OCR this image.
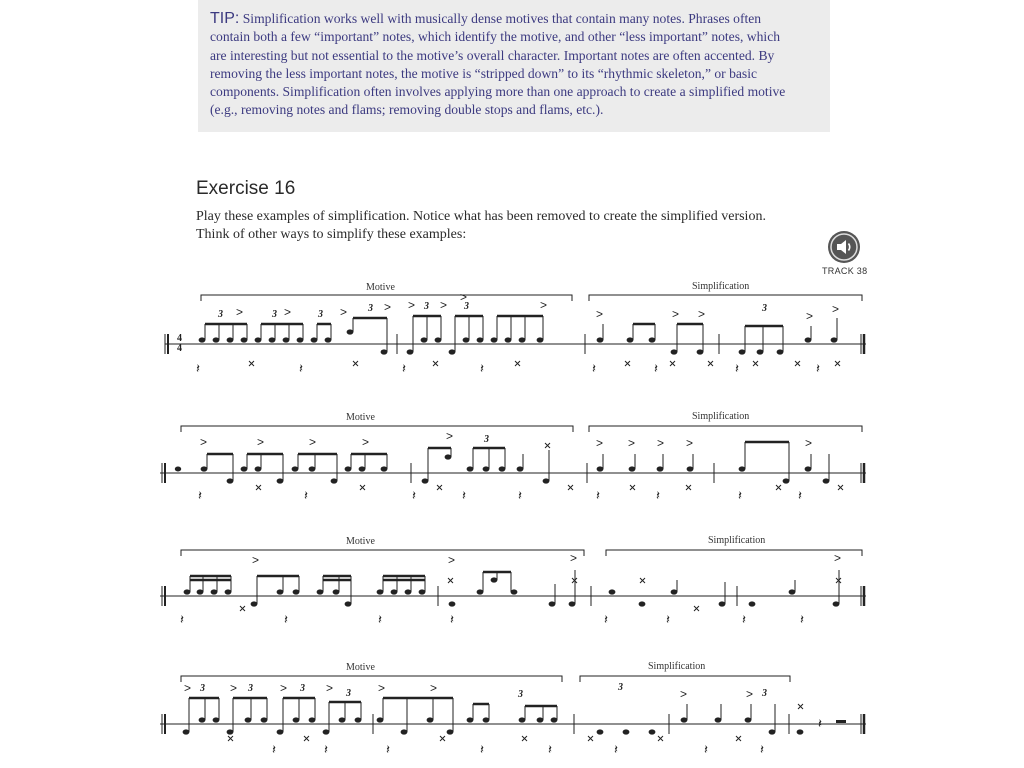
TIP: Simplification works well with musically dense motives that contain many notes. Phrases often
contain both a few “important” notes, which identify the motive, and other “less important” notes, which
are interesting but not essential to the motive’s overall character. Important notes are often accented. By
removing the less important notes, the motive is “stripped down” to its “rhythmic skeleton,” or basic
components. Simplification often involves applying more than one approach to create a simplified motive
(e.g., removing notes and flams; removing double stops and flams, etc.).
Exercise 16
Play these examples of simplification. Notice what has been removed to create the simplified version.
Think of other ways to simplify these examples:
TRACK 38
Motive	Simplification
4
4
3	3	3
3	3	3	3
>	>	>	> > >
>
>
>	> >	>
>
𝄽	𝄽	𝄽	𝄽	𝄽	𝄽	𝄽	𝄽
Motive	Simplification
>	>	>	>	>	> > > >	>
3
𝄽	𝄽	𝄽	𝄽	𝄽	𝄽	𝄽	𝄽	𝄽
Motive	Simplification
>	>	>	>
𝄽	𝄽	𝄽	𝄽	𝄽	𝄽	𝄽	𝄽
Motive	Simplification
3	3	3	3	3
3
3
>	>	>	>	>	>	>	>
𝄽	𝄽	𝄽	𝄽	𝄽	𝄽	𝄽	𝄽
𝄽
